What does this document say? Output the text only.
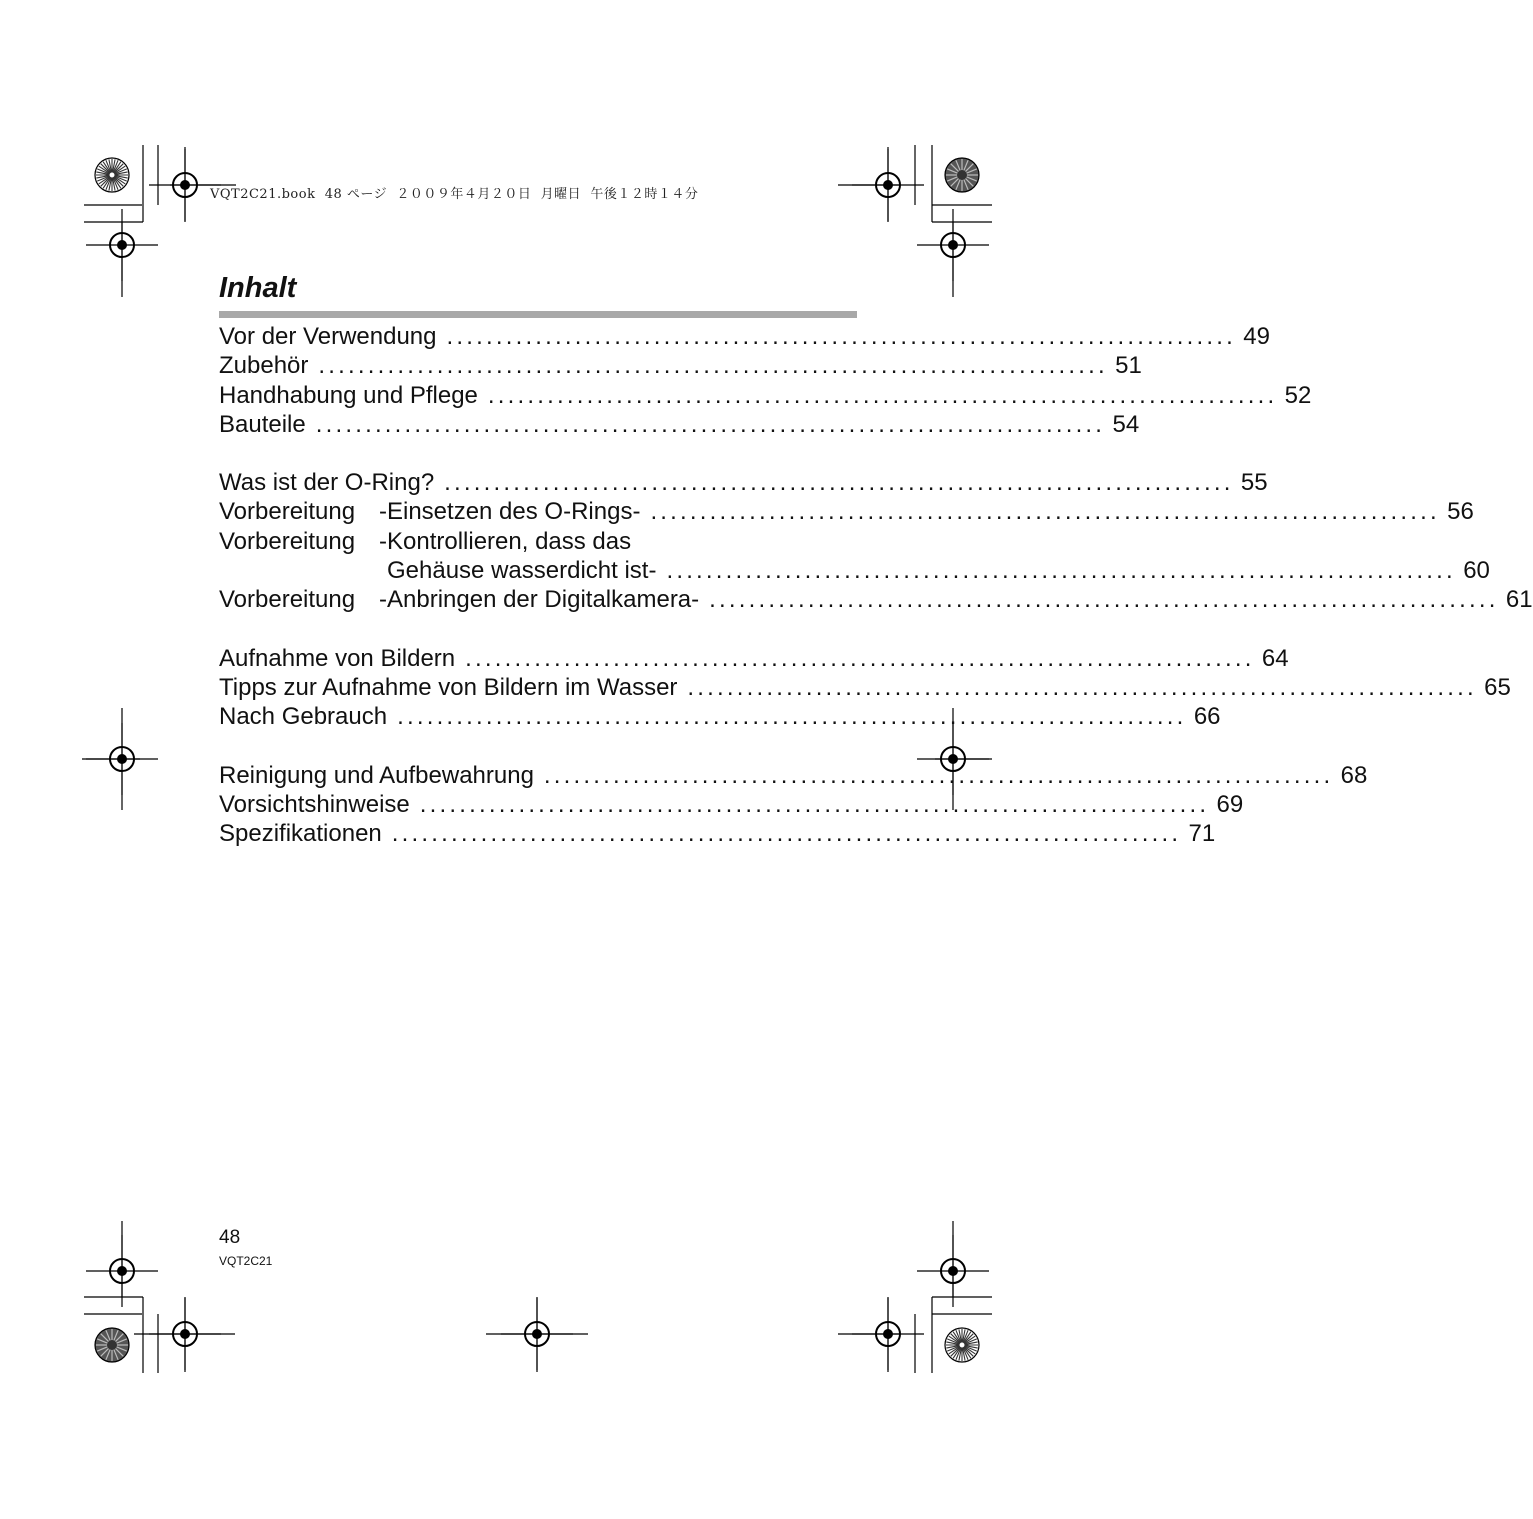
VQT2C21.book  48 ページ  ２００９年４月２０日  月曜日  午後１２時１４分
Inhalt
Vor der Verwendung ................................................................................ 49
Zubehör ................................................................................ 51
Handhabung und Pflege ................................................................................ 52
Bauteile ................................................................................ 54
Was ist der O-Ring? ................................................................................ 55
Vorbereitung -Einsetzen des O-Rings- ................................................................................ 56
Vorbereitung -Kontrollieren, dass das
Gehäuse wasserdicht ist- ................................................................................ 60
Vorbereitung -Anbringen der Digitalkamera- ................................................................................ 61
Aufnahme von Bildern ................................................................................ 64
Tipps zur Aufnahme von Bildern im Wasser ................................................................................ 65
Nach Gebrauch ................................................................................ 66
Reinigung und Aufbewahrung ................................................................................ 68
Vorsichtshinweise ................................................................................ 69
Spezifikationen ................................................................................ 71
48
VQT2C21
